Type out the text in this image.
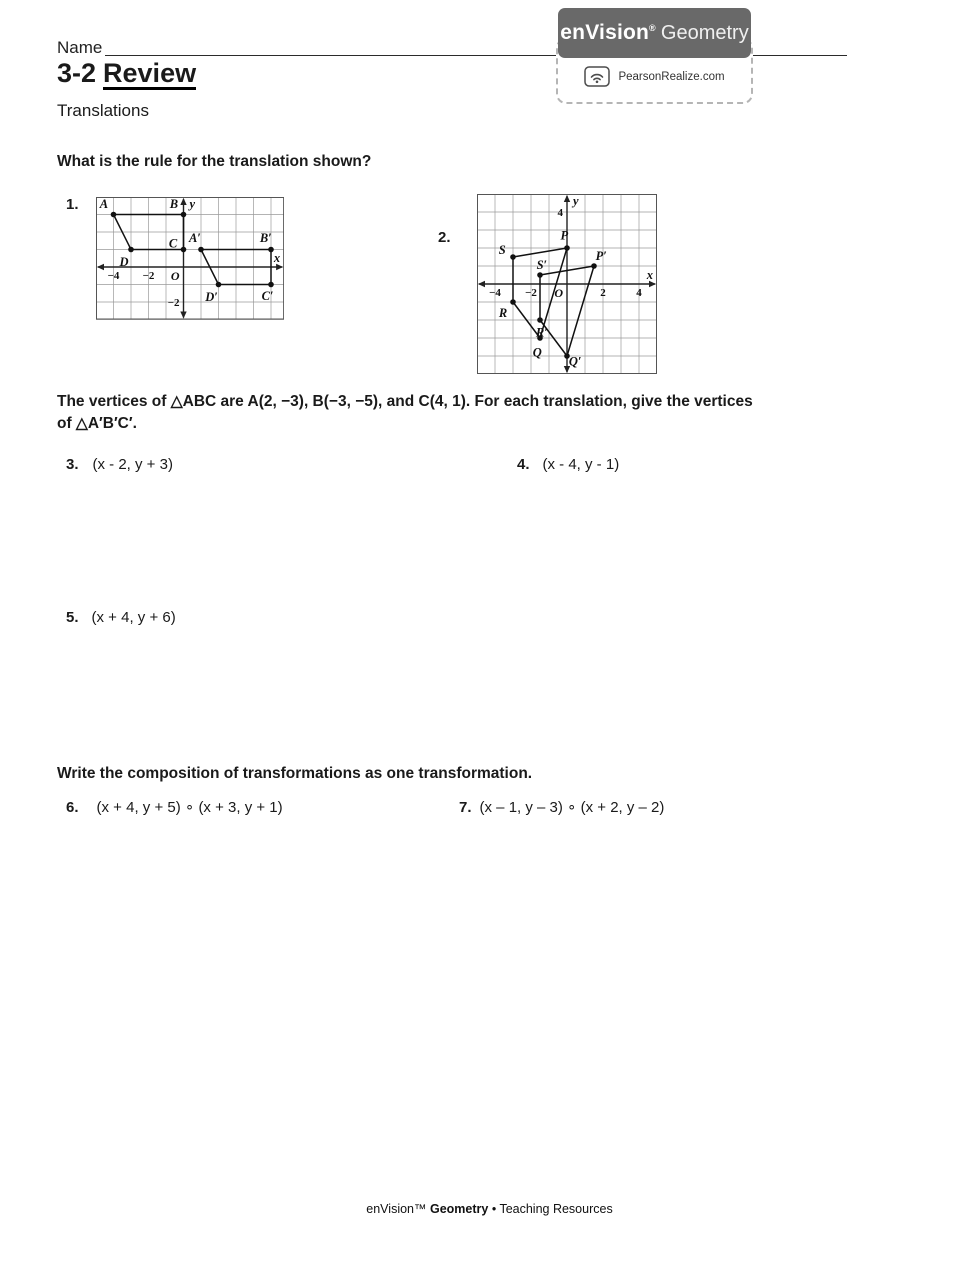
Name
enVision® Geometry
PearsonRealize.com
3-2 Review
Translations
What is the rule for the translation shown?
1.
−4 −2
−2
O
x
y
A	B
C
D
A′	B′
C′
D′
2.
−4 −2	2	4
4
O
x
y
P
S
R
Q
P′
S′
R′
Q′
The vertices of △ABC are A(2, −3), B(−3, −5), and C(4, 1). For each translation, give the vertices
of △A′B′C′.
3. (x - 2, y + 3)	4. (x - 4, y - 1)
5. (x + 4, y + 6)
Write the composition of transformations as one transformation.
6. (x + 4, y + 5) ∘ (x + 3, y + 1)	7. (x – 1, y – 3) ∘ (x + 2, y – 2)
enVision™ Geometry • Teaching Resources
